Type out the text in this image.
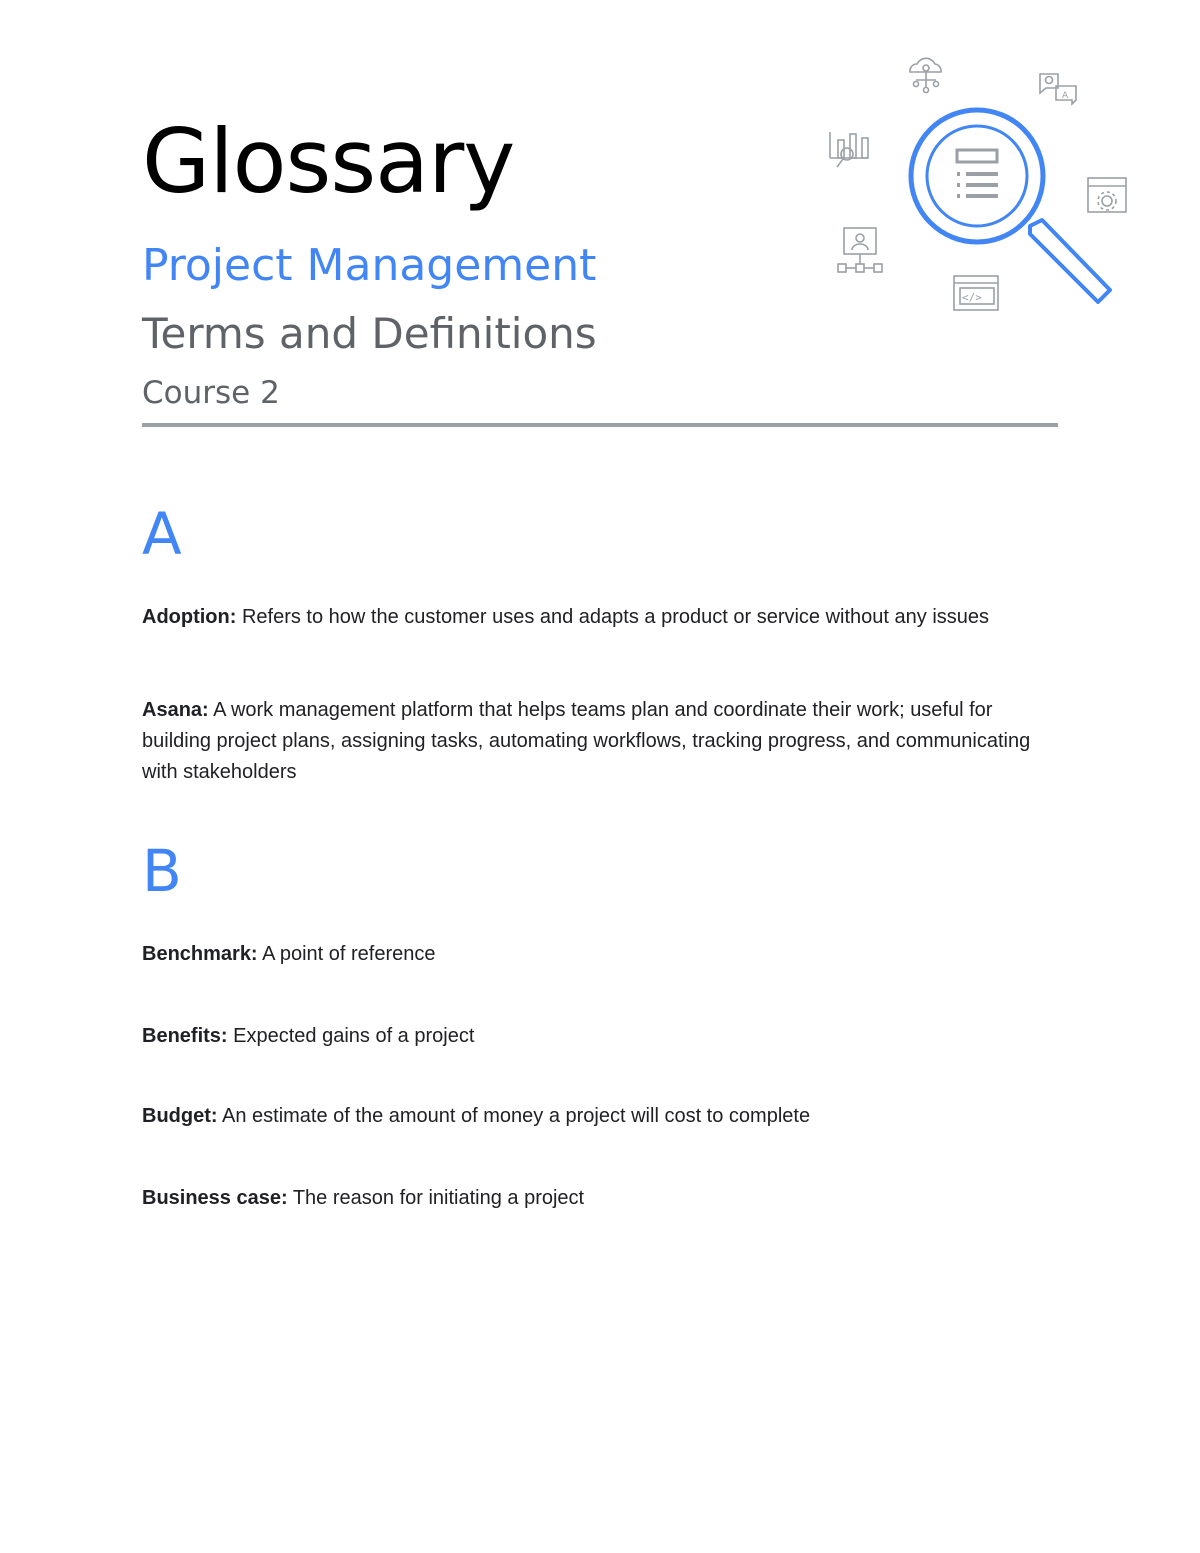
Glossary
Project Management
Terms and Definitions
Course 2
A
</>
A
Adoption: Refers to how the customer uses and adapts a product or service without any issues
Asana: A work management platform that helps teams plan and coordinate their work; useful for building project plans, assigning tasks, automating workflows, tracking progress, and communicating with stakeholders
B
Benchmark: A point of reference
Benefits: Expected gains of a project
Budget: An estimate of the amount of money a project will cost to complete
Business case: The reason for initiating a project
